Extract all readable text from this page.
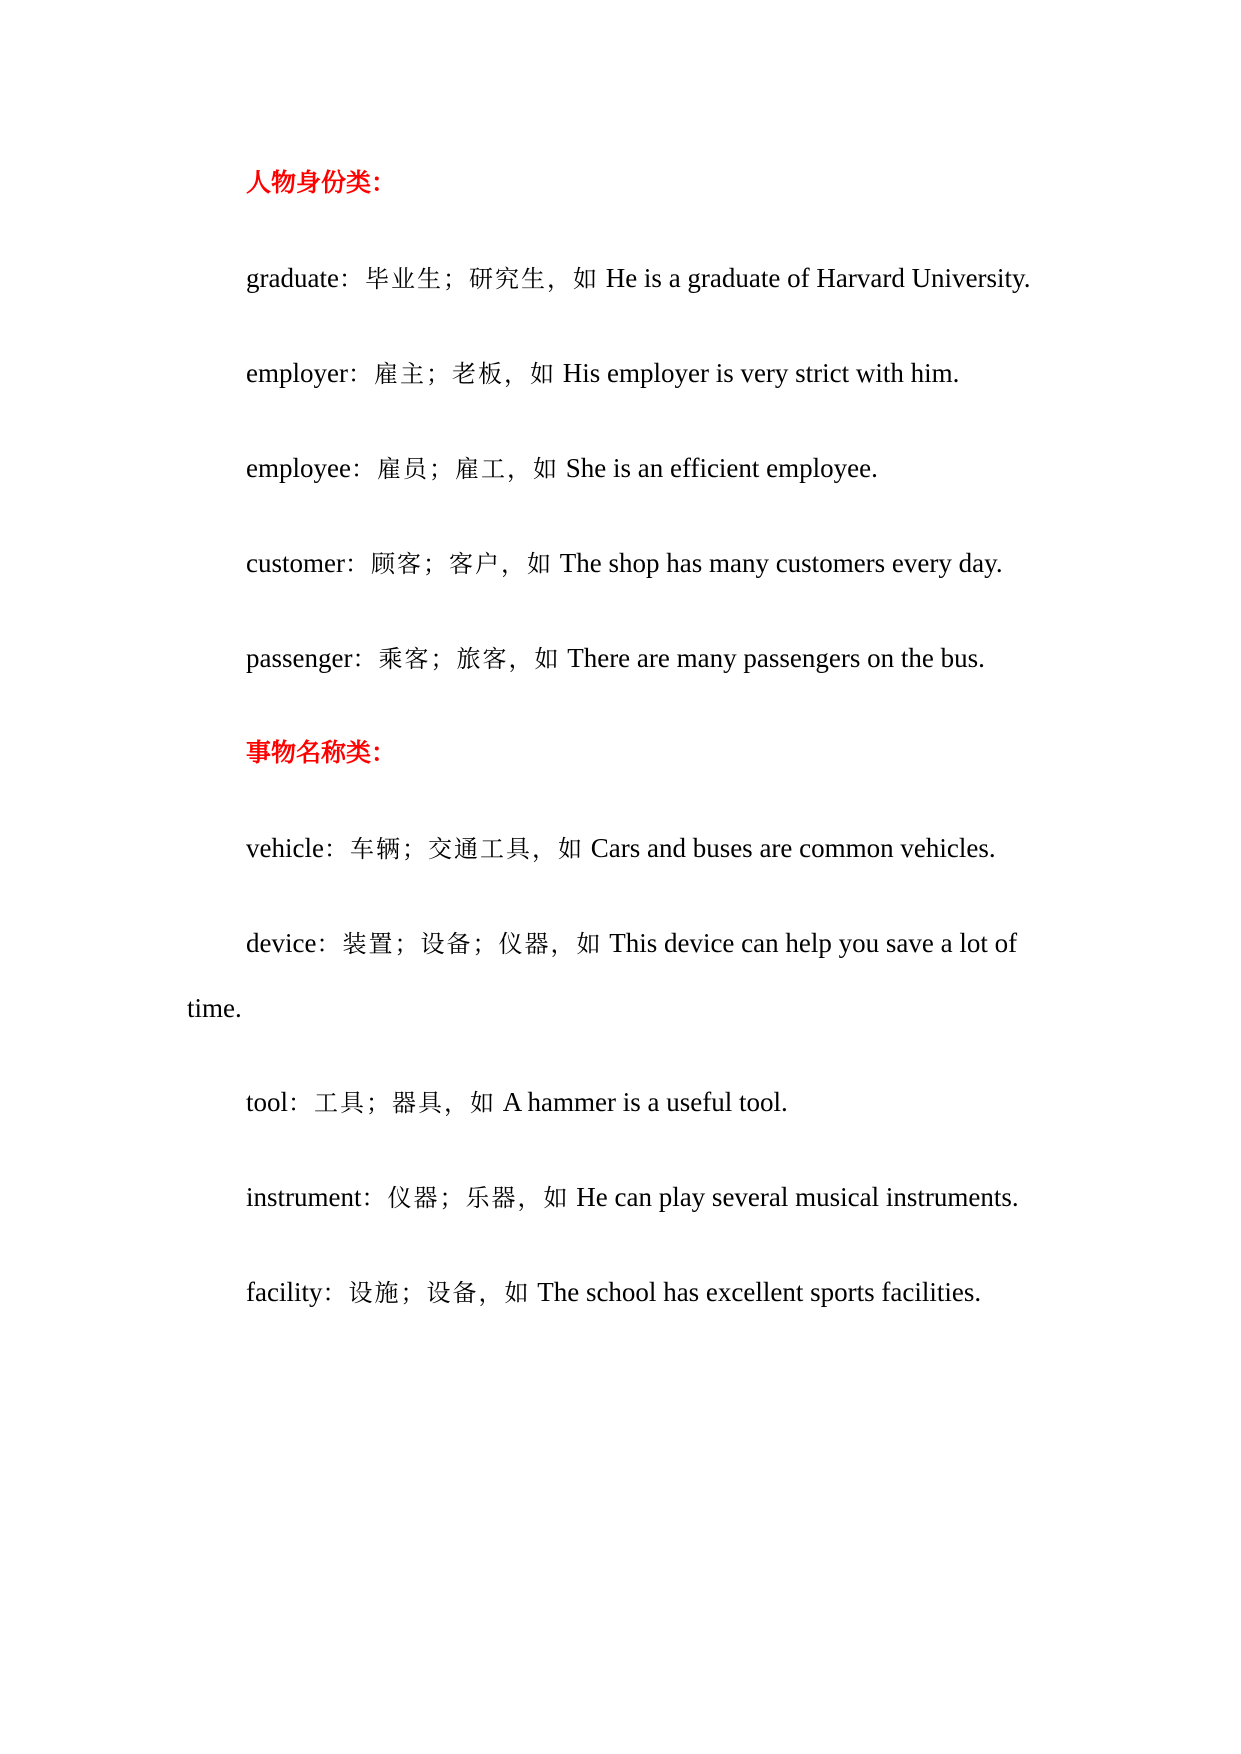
人物身份类：

graduate：毕业生；研究生，如 He is a graduate of Harvard University.

employer：雇主；老板，如 His employer is very strict with him.

employee：雇员；雇工，如 She is an efficient employee.

customer：顾客；客户，如 The shop has many customers every day.

passenger：乘客；旅客，如 There are many passengers on the bus.

事物名称类：

vehicle：车辆；交通工具，如 Cars and buses are common vehicles.

device：装置；设备；仪器，如 This device can help you save a lot of time.

tool：工具；器具，如 A hammer is a useful tool.

instrument：仪器；乐器，如 He can play several musical instruments.

facility：设施；设备，如 The school has excellent sports facilities.
